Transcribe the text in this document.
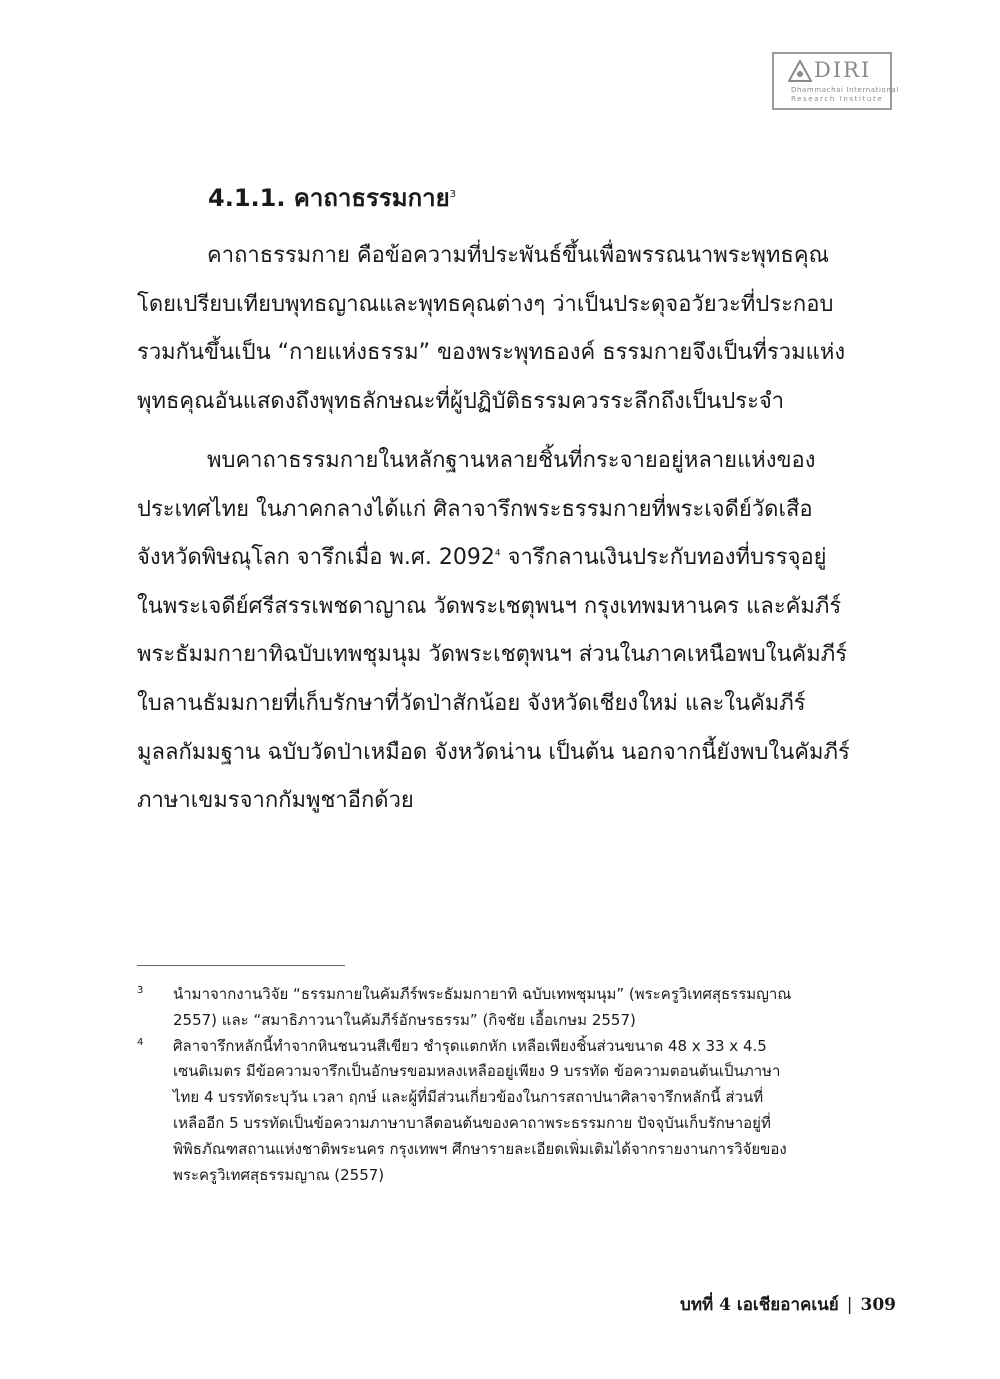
DIRI
Dhammachai International
Research Institute
4.1.1. คาถาธรรมกาย$^3$
คาถาธรรมกาย คือข้อความที่ประพันธ์ขึ้นเพื่อพรรณนาพระพุทธคุณ
โดยเปรียบเทียบพุทธญาณและพุทธคุณต่างๆ ว่าเป็นประดุจอวัยวะที่ประกอบ
รวมกันขึ้นเป็น “กายแห่งธรรม” ของพระพุทธองค์ ธรรมกายจึงเป็นที่รวมแห่ง
พุทธคุณอันแสดงถึงพุทธลักษณะที่ผู้ปฏิบัติธรรมควรระลึกถึงเป็นประจำ
พบคาถาธรรมกายในหลักฐานหลายชิ้นที่กระจายอยู่หลายแห่งของ
ประเทศไทย ในภาคกลางได้แก่ ศิลาจารึกพระธรรมกายที่พระเจดีย์วัดเสือ
จังหวัดพิษณุโลก จารึกเมื่อ พ.ศ. 2092$^4$ จารึกลานเงินประกับทองที่บรรจุอยู่
ในพระเจดีย์ศรีสรรเพชดาญาณ วัดพระเชตุพนฯ กรุงเทพมหานคร และคัมภีร์
พระธัมมกายาทิฉบับเทพชุมนุม วัดพระเชตุพนฯ ส่วนในภาคเหนือพบในคัมภีร์
ใบลานธัมมกายที่เก็บรักษาที่วัดป่าสักน้อย จังหวัดเชียงใหม่ และในคัมภีร์
มูลลกัมมฐาน ฉบับวัดป่าเหมือด จังหวัดน่าน เป็นต้น นอกจากนี้ยังพบในคัมภีร์
ภาษาเขมรจากกัมพูชาอีกด้วย
3 นำมาจากงานวิจัย “ธรรมกายในคัมภีร์พระธัมมกายาทิ ฉบับเทพชุมนุม” (พระครูวิเทศสุธรรมญาณ
2557) และ “สมาธิภาวนาในคัมภีร์อักษรธรรม” (กิจชัย เอื้อเกษม 2557)
4 ศิลาจารึกหลักนี้ทำจากหินชนวนสีเขียว ชำรุดแตกหัก เหลือเพียงชิ้นส่วนขนาด 48 x 33 x 4.5
เซนติเมตร มีข้อความจารึกเป็นอักษรขอมหลงเหลืออยู่เพียง 9 บรรทัด ข้อความตอนต้นเป็นภาษา
ไทย 4 บรรทัดระบุวัน เวลา ฤกษ์ และผู้ที่มีส่วนเกี่ยวข้องในการสถาปนาศิลาจารึกหลักนี้ ส่วนที่
เหลืออีก 5 บรรทัดเป็นข้อความภาษาบาลีตอนต้นของคาถาพระธรรมกาย ปัจจุบันเก็บรักษาอยู่ที่
พิพิธภัณฑสถานแห่งชาติพระนคร กรุงเทพฯ ศึกษารายละเอียดเพิ่มเติมได้จากรายงานการวิจัยของ
พระครูวิเทศสุธรรมญาณ (2557)
บทที่ 4 เอเชียอาคเนย์ | 309
